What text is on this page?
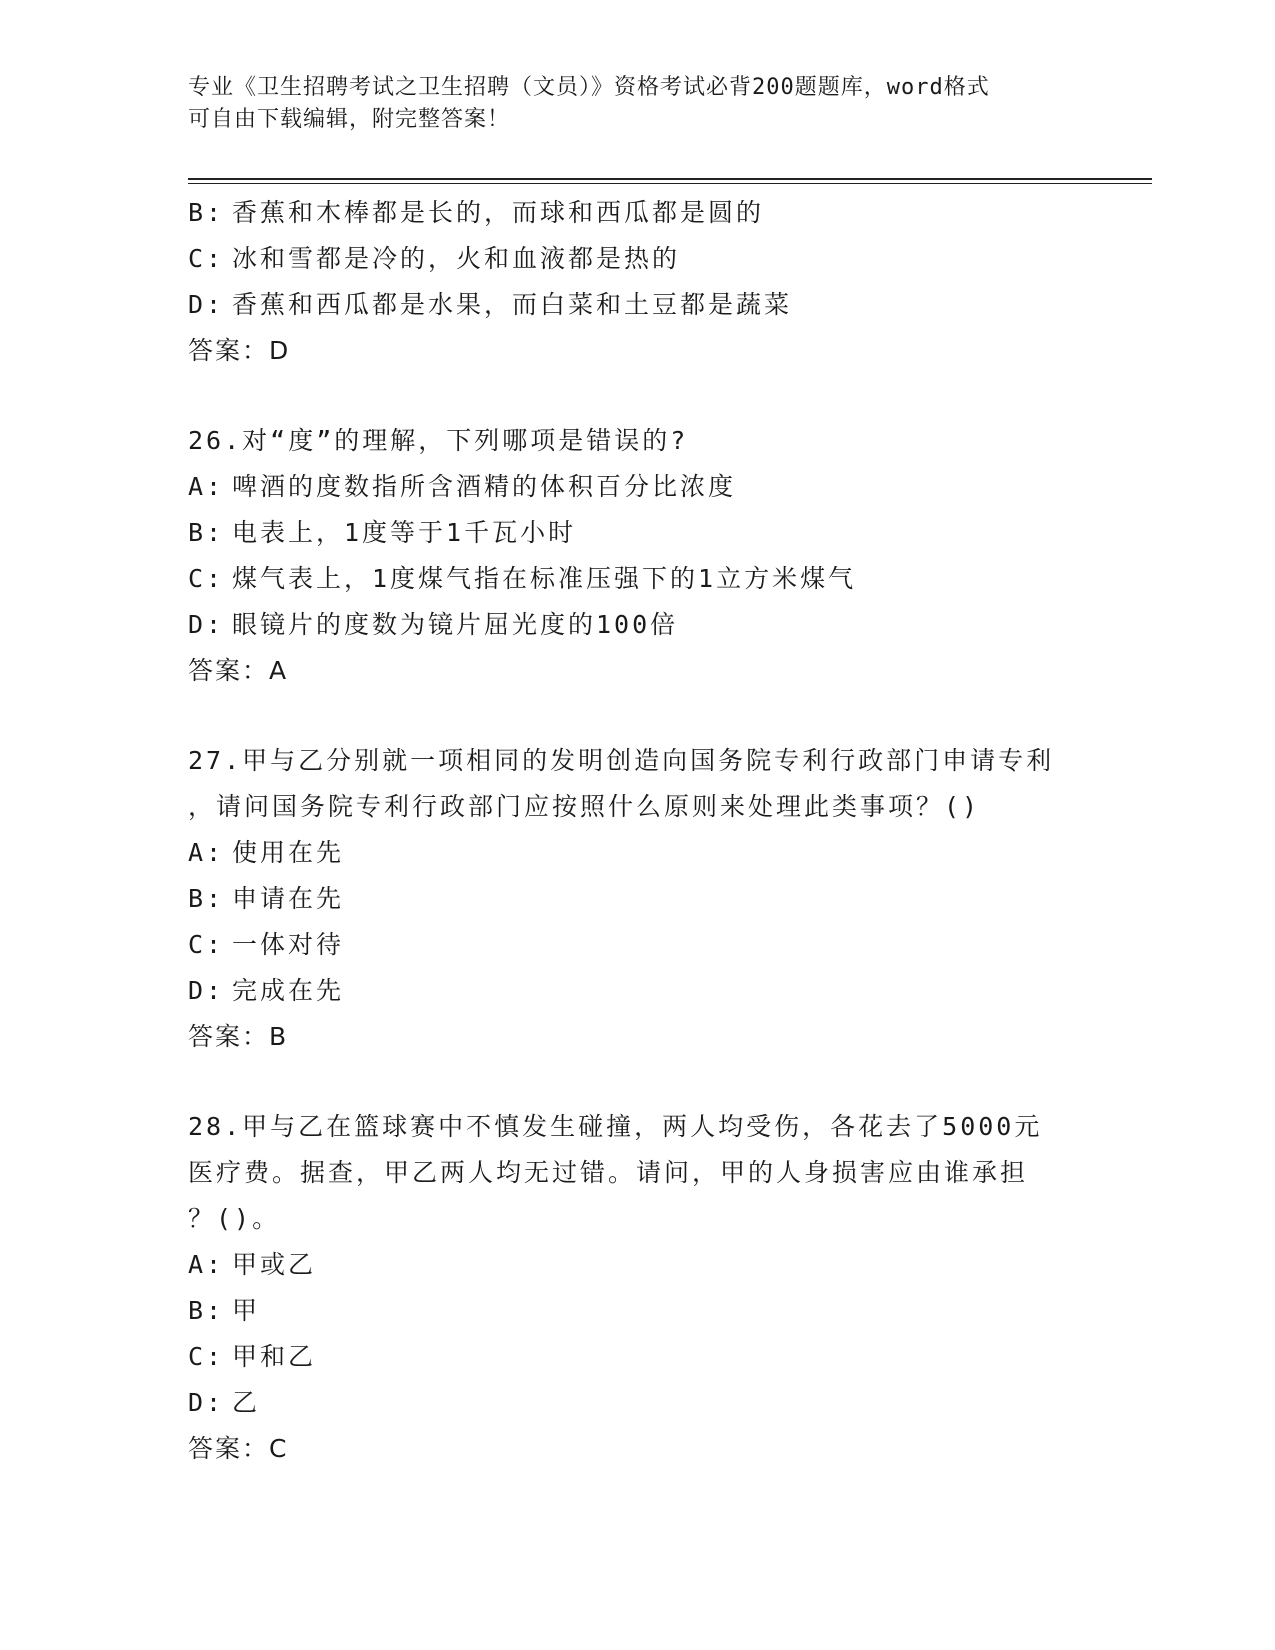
专业《卫生招聘考试之卫生招聘（文员）》资格考试必背200题题库，word格式
可自由下载编辑，附完整答案！
B: 香蕉和木棒都是长的，而球和西瓜都是圆的
C: 冰和雪都是冷的，火和血液都是热的
D: 香蕉和西瓜都是水果，而白菜和土豆都是蔬菜
答案：D
26.对“度”的理解，下列哪项是错误的?
A: 啤酒的度数指所含酒精的体积百分比浓度
B: 电表上，1度等于1千瓦小时
C: 煤气表上，1度煤气指在标准压强下的1立方米煤气
D: 眼镜片的度数为镜片屈光度的100倍
答案：A
27.甲与乙分别就一项相同的发明创造向国务院专利行政部门申请专利
，请问国务院专利行政部门应按照什么原则来处理此类事项？()
A: 使用在先
B: 申请在先
C: 一体对待
D: 完成在先
答案：B
28.甲与乙在篮球赛中不慎发生碰撞，两人均受伤，各花去了5000元
医疗费。据查，甲乙两人均无过错。请问，甲的人身损害应由谁承担
？()。
A: 甲或乙
B: 甲
C: 甲和乙
D: 乙
答案：C
